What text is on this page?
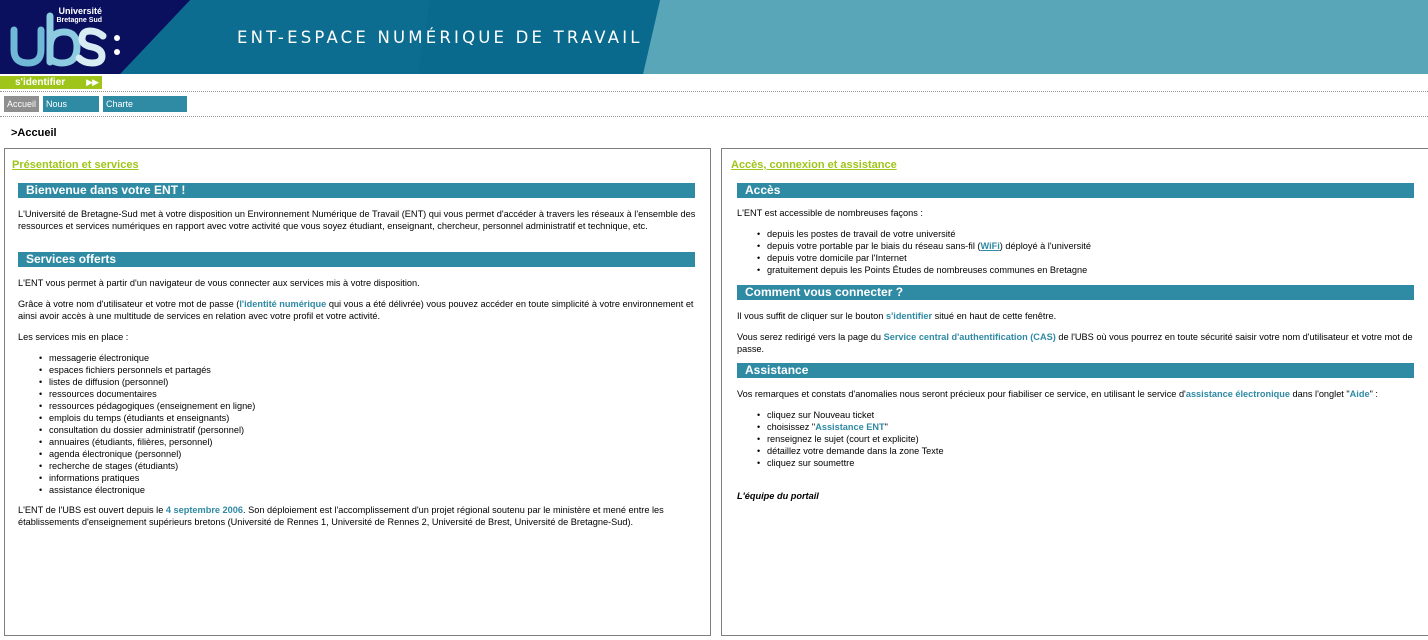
Université
Bretagne Sud
ENT-ESPACE NUMÉRIQUE DE TRAVAIL
s'identifier ▶▶
Accueil	Nous trouver
Charte informatique
>Accueil
Présentation et services
Bienvenue dans votre ENT !
L'Université de Bretagne-Sud met à votre disposition un Environnement Numérique de Travail (ENT) qui vous permet d'accéder à travers les réseaux à l'ensemble des ressources et services numériques en rapport avec votre activité que vous soyez étudiant, enseignant, chercheur, personnel administratif et technique, etc.
Services offerts
L'ENT vous permet à partir d'un navigateur de vous connecter aux services mis à votre disposition.
Grâce à votre nom d'utilisateur et votre mot de passe (l'identité numérique qui vous a été délivrée) vous pouvez accéder en toute simplicité à votre environnement et ainsi avoir accès à une multitude de services en relation avec votre profil et votre activité.
Les services mis en place :
• messagerie électronique
• espaces fichiers personnels et partagés
• listes de diffusion (personnel)
• ressources documentaires
• ressources pédagogiques (enseignement en ligne)
• emplois du temps (étudiants et enseignants)
• consultation du dossier administratif (personnel)
• annuaires (étudiants, filières, personnel)
• agenda électronique (personnel)
• recherche de stages (étudiants)
• informations pratiques
• assistance électronique
L'ENT de l'UBS est ouvert depuis le 4 septembre 2006. Son déploiement est l'accomplissement d'un projet régional soutenu par le ministère et mené entre les établissements d'enseignement supérieurs bretons (Université de Rennes 1, Université de Rennes 2, Université de Brest, Université de Bretagne-Sud).
Accès, connexion et assistance
Accès
L'ENT est accessible de nombreuses façons :
• depuis les postes de travail de votre université
• depuis votre portable par le biais du réseau sans-fil (WiFi) déployé à l'université
• depuis votre domicile par l'Internet
• gratuitement depuis les Points Études de nombreuses communes en Bretagne
Comment vous connecter ?
Il vous suffit de cliquer sur le bouton s'identifier situé en haut de cette fenêtre.
Vous serez redirigé vers la page du Service central d'authentification (CAS) de l'UBS où vous pourrez en toute sécurité saisir votre nom d'utilisateur et votre mot de passe.
Assistance
Vos remarques et constats d'anomalies nous seront précieux pour fiabiliser ce service, en utilisant le service d'assistance électronique dans l'onglet "Aide" :
• cliquez sur Nouveau ticket
• choisissez "Assistance ENT"
• renseignez le sujet (court et explicite)
• détaillez votre demande dans la zone Texte
• cliquez sur soumettre
L'équipe du portail
